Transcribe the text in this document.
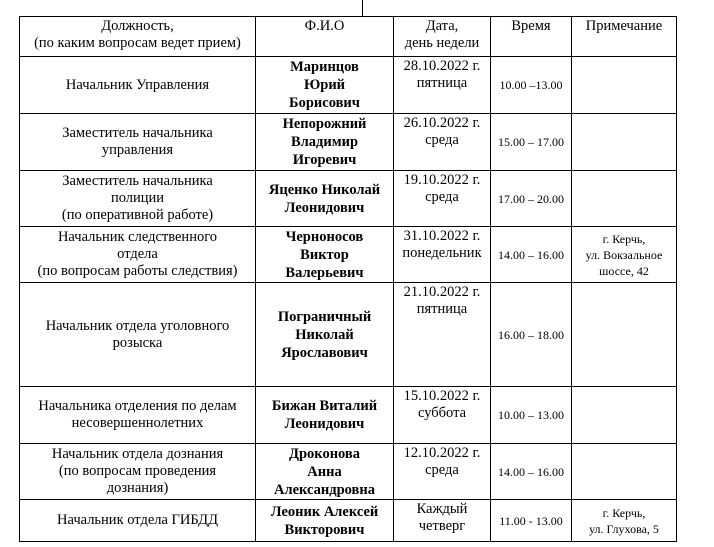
Должность,
(по каким вопросам ведет прием)	Ф.И.О	Дата,
день недели	Время	Примечание

Начальник Управления	Маринцов
Юрий
Борисович	28.10.2022 г.
пятница	10.00 –13.00	

Заместитель начальника
управления	Непорожний
Владимир
Игоревич	26.10.2022 г.
среда	15.00 – 17.00	

Заместитель начальника
полиции
(по оперативной работе)	Яценко Николай
Леонидович	19.10.2022 г.
среда	17.00 – 20.00	

Начальник следственного
отдела
(по вопросам работы следствия)	Черноносов
Виктор
Валерьевич	31.10.2022 г.
понедельник	14.00 – 16.00	г. Керчь,
ул. Вокзальное
шоссе, 42

Начальник отдела уголовного
розыска	Пограничный
Николай
Ярославович	21.10.2022 г.
пятница	16.00 – 18.00	

Начальника отделения по делам
несовершеннолетних	Бижан Виталий
Леонидович	15.10.2022 г.
суббота	10.00 – 13.00	

Начальник отдела дознания
(по вопросам проведения
дознания)	Дроконова
Анна
Александровна	12.10.2022 г.
среда	14.00 – 16.00	

Начальник отдела ГИБДД	Леоник Алексей
Викторович	Каждый
четверг	11.00 - 13.00	г. Керчь,
ул. Глухова, 5
